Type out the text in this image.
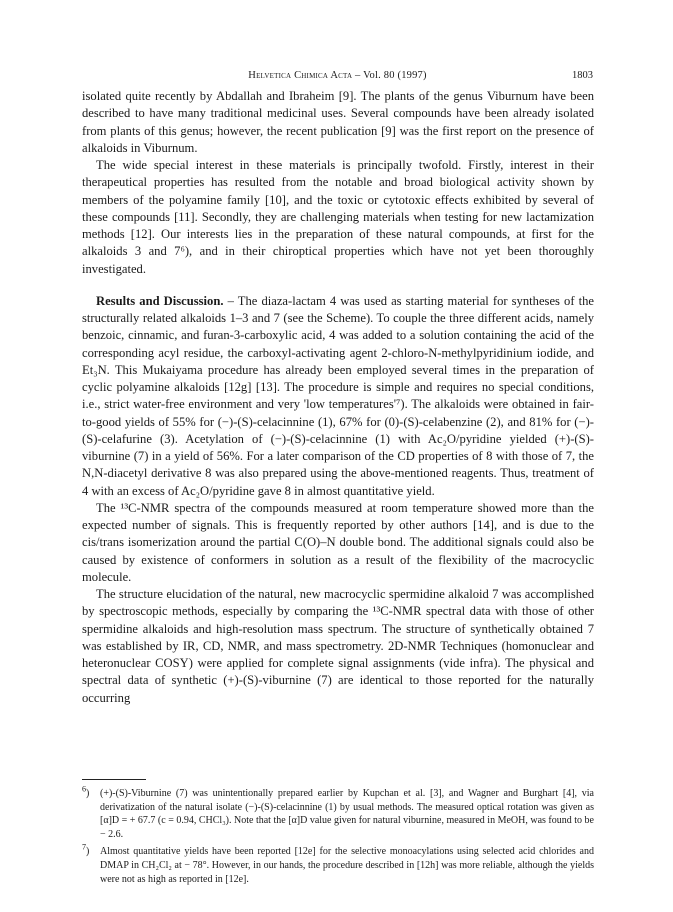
Helvetica Chimica Acta – Vol. 80 (1997)	1803

isolated quite recently by Abdallah and Ibraheim [9]. The plants of the genus Viburnum have been described to have many traditional medicinal uses. Several compounds have been already isolated from plants of this genus; however, the recent publication [9] was the first report on the presence of alkaloids in Viburnum.

The wide special interest in these materials is principally twofold. Firstly, interest in their therapeutical properties has resulted from the notable and broad biological activity shown by members of the polyamine family [10], and the toxic or cytotoxic effects exhibited by several of these compounds [11]. Secondly, they are challenging materials when testing for new lactamization methods [12]. Our interests lies in the preparation of these natural compounds, at first for the alkaloids 3 and 7⁶), and in their chiroptical properties which have not yet been thoroughly investigated.

Results and Discussion. – The diaza-lactam 4 was used as starting material for syntheses of the structurally related alkaloids 1–3 and 7 (see the Scheme). To couple the three different acids, namely benzoic, cinnamic, and furan-3-carboxylic acid, 4 was added to a solution containing the acid of the corresponding acyl residue, the carboxyl-activating agent 2-chloro-N-methylpyridinium iodide, and Et₃N. This Mukaiyama procedure has already been employed several times in the preparation of cyclic polyamine alkaloids [12g] [13]. The procedure is simple and requires no special conditions, i.e., strict water-free environment and very 'low temperatures'⁷). The alkaloids were obtained in fair-to-good yields of 55% for (−)-(S)-celacinnine (1), 67% for (0)-(S)-celabenzine (2), and 81% for (−)-(S)-celafurine (3). Acetylation of (−)-(S)-celacinnine (1) with Ac₂O/pyridine yielded (+)-(S)-viburnine (7) in a yield of 56%. For a later comparison of the CD properties of 8 with those of 7, the N,N-diacetyl derivative 8 was also prepared using the above-mentioned reagents. Thus, treatment of 4 with an excess of Ac₂O/pyridine gave 8 in almost quantitative yield.

The ¹³C-NMR spectra of the compounds measured at room temperature showed more than the expected number of signals. This is frequently reported by other authors [14], and is due to the cis/trans isomerization around the partial C(O)–N double bond. The additional signals could also be caused by existence of conformers in solution as a result of the flexibility of the macrocyclic molecule.

The structure elucidation of the natural, new macrocyclic spermidine alkaloid 7 was accomplished by spectroscopic methods, especially by comparing the ¹³C-NMR spectral data with those of other spermidine alkaloids and high-resolution mass spectrum. The structure of synthetically obtained 7 was established by IR, CD, NMR, and mass spectrometry. 2D-NMR Techniques (homonuclear and heteronuclear COSY) were applied for complete signal assignments (vide infra). The physical and spectral data of synthetic (+)-(S)-viburnine (7) are identical to those reported for the naturally occurring

$^6$) (+)-(S)-Viburnine (7) was unintentionally prepared earlier by Kupchan et al. [3], and Wagner and Burghart [4], via derivatization of the natural isolate (−)-(S)-celacinnine (1) by usual methods. The measured optical rotation was given as [α]D = + 67.7 (c = 0.94, CHCl₃). Note that the [α]D value given for natural viburnine, measured in MeOH, was found to be − 2.6.
$^7$) Almost quantitative yields have been reported [12e] for the selective monoacylations using selected acid chlorides and DMAP in CH₂Cl₂ at − 78°. However, in our hands, the procedure described in [12h] was more reliable, although the yields were not as high as reported in [12e].
